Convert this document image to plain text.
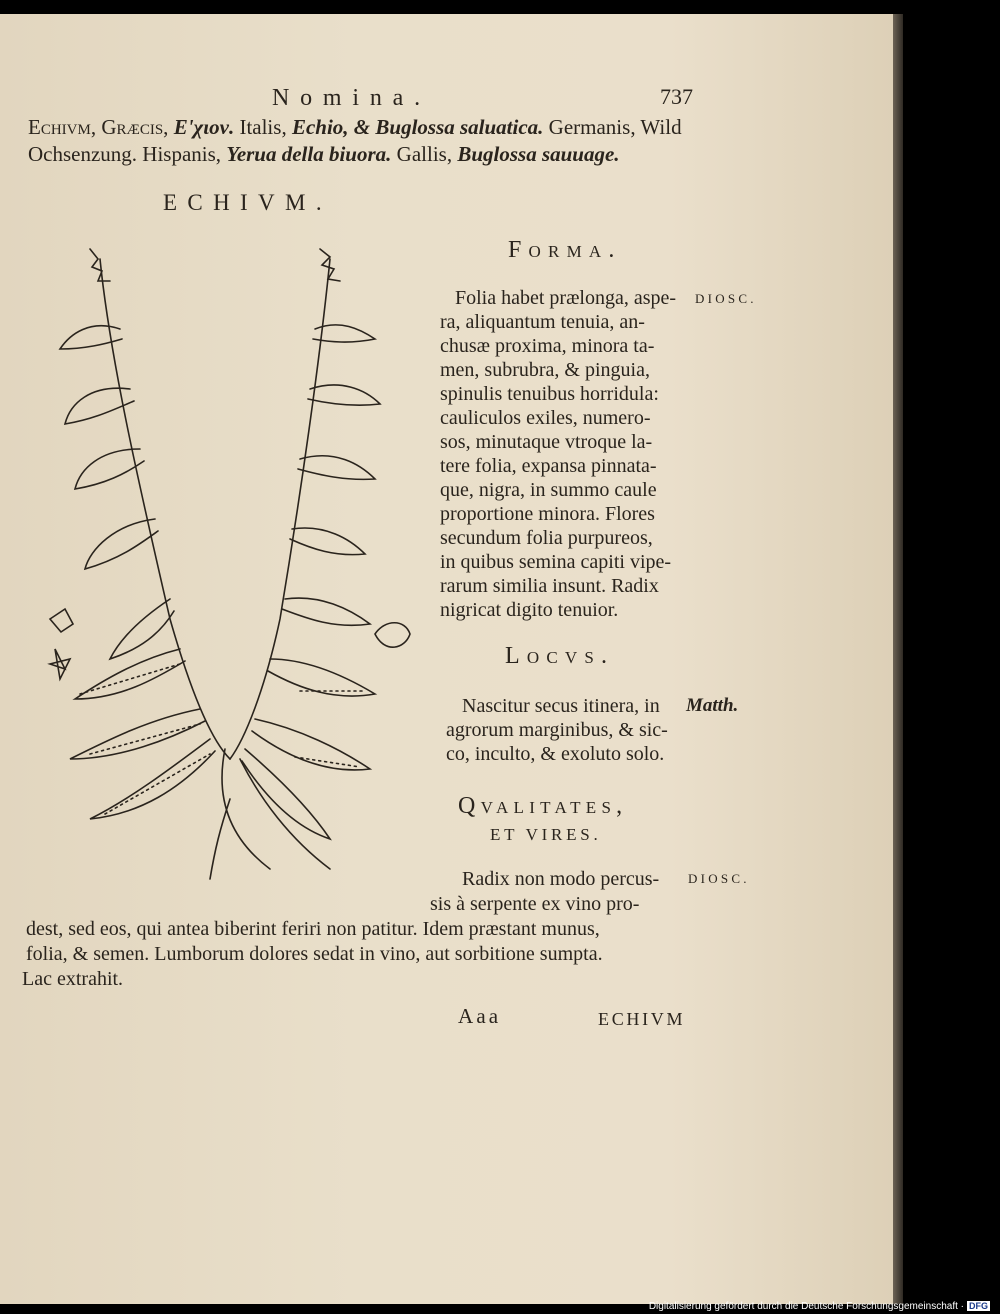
Nomina.	737
Echivm, Græcis, Eʹχιον. Italis, Echio, & Buglossa saluatica. Germanis, Wild
Ochsenzung. Hispanis, Yerua della biuora. Gallis, Buglossa sauuage.
ECHIVM.
Forma.
DIOSC.
Folia habet prælonga, aspe-
ra, aliquantum tenuia, an-
chusæ proxima, minora ta-
men, subrubra, & pinguia,
spinulis tenuibus horridula:
cauliculos exiles, numero-
sos, minutaque vtroque la-
tere folia, expansa pinnata-
que, nigra, in summo caule
proportione minora. Flores
secundum folia purpureos,
in quibus semina capiti vipe-
rarum similia insunt. Radix
nigricat digito tenuior.
Locvs.
Matth.
Nascitur secus itinera, in
agrorum marginibus, & sic-
co, inculto, & exoluto solo.
Qvalitates,
ET VIRES.
DIOSC.
Radix non modo percus-
sis à serpente ex vino pro-
dest, sed eos, qui antea biberint feriri non patitur. Idem præstant munus,
folia, & semen. Lumborum dolores sedat in vino, aut sorbitione sumpta.
Lac extrahit.
Aaa	ECHIVM
Digitalisierung gefördert durch die Deutsche Forschungsgemeinschaft · DFG
